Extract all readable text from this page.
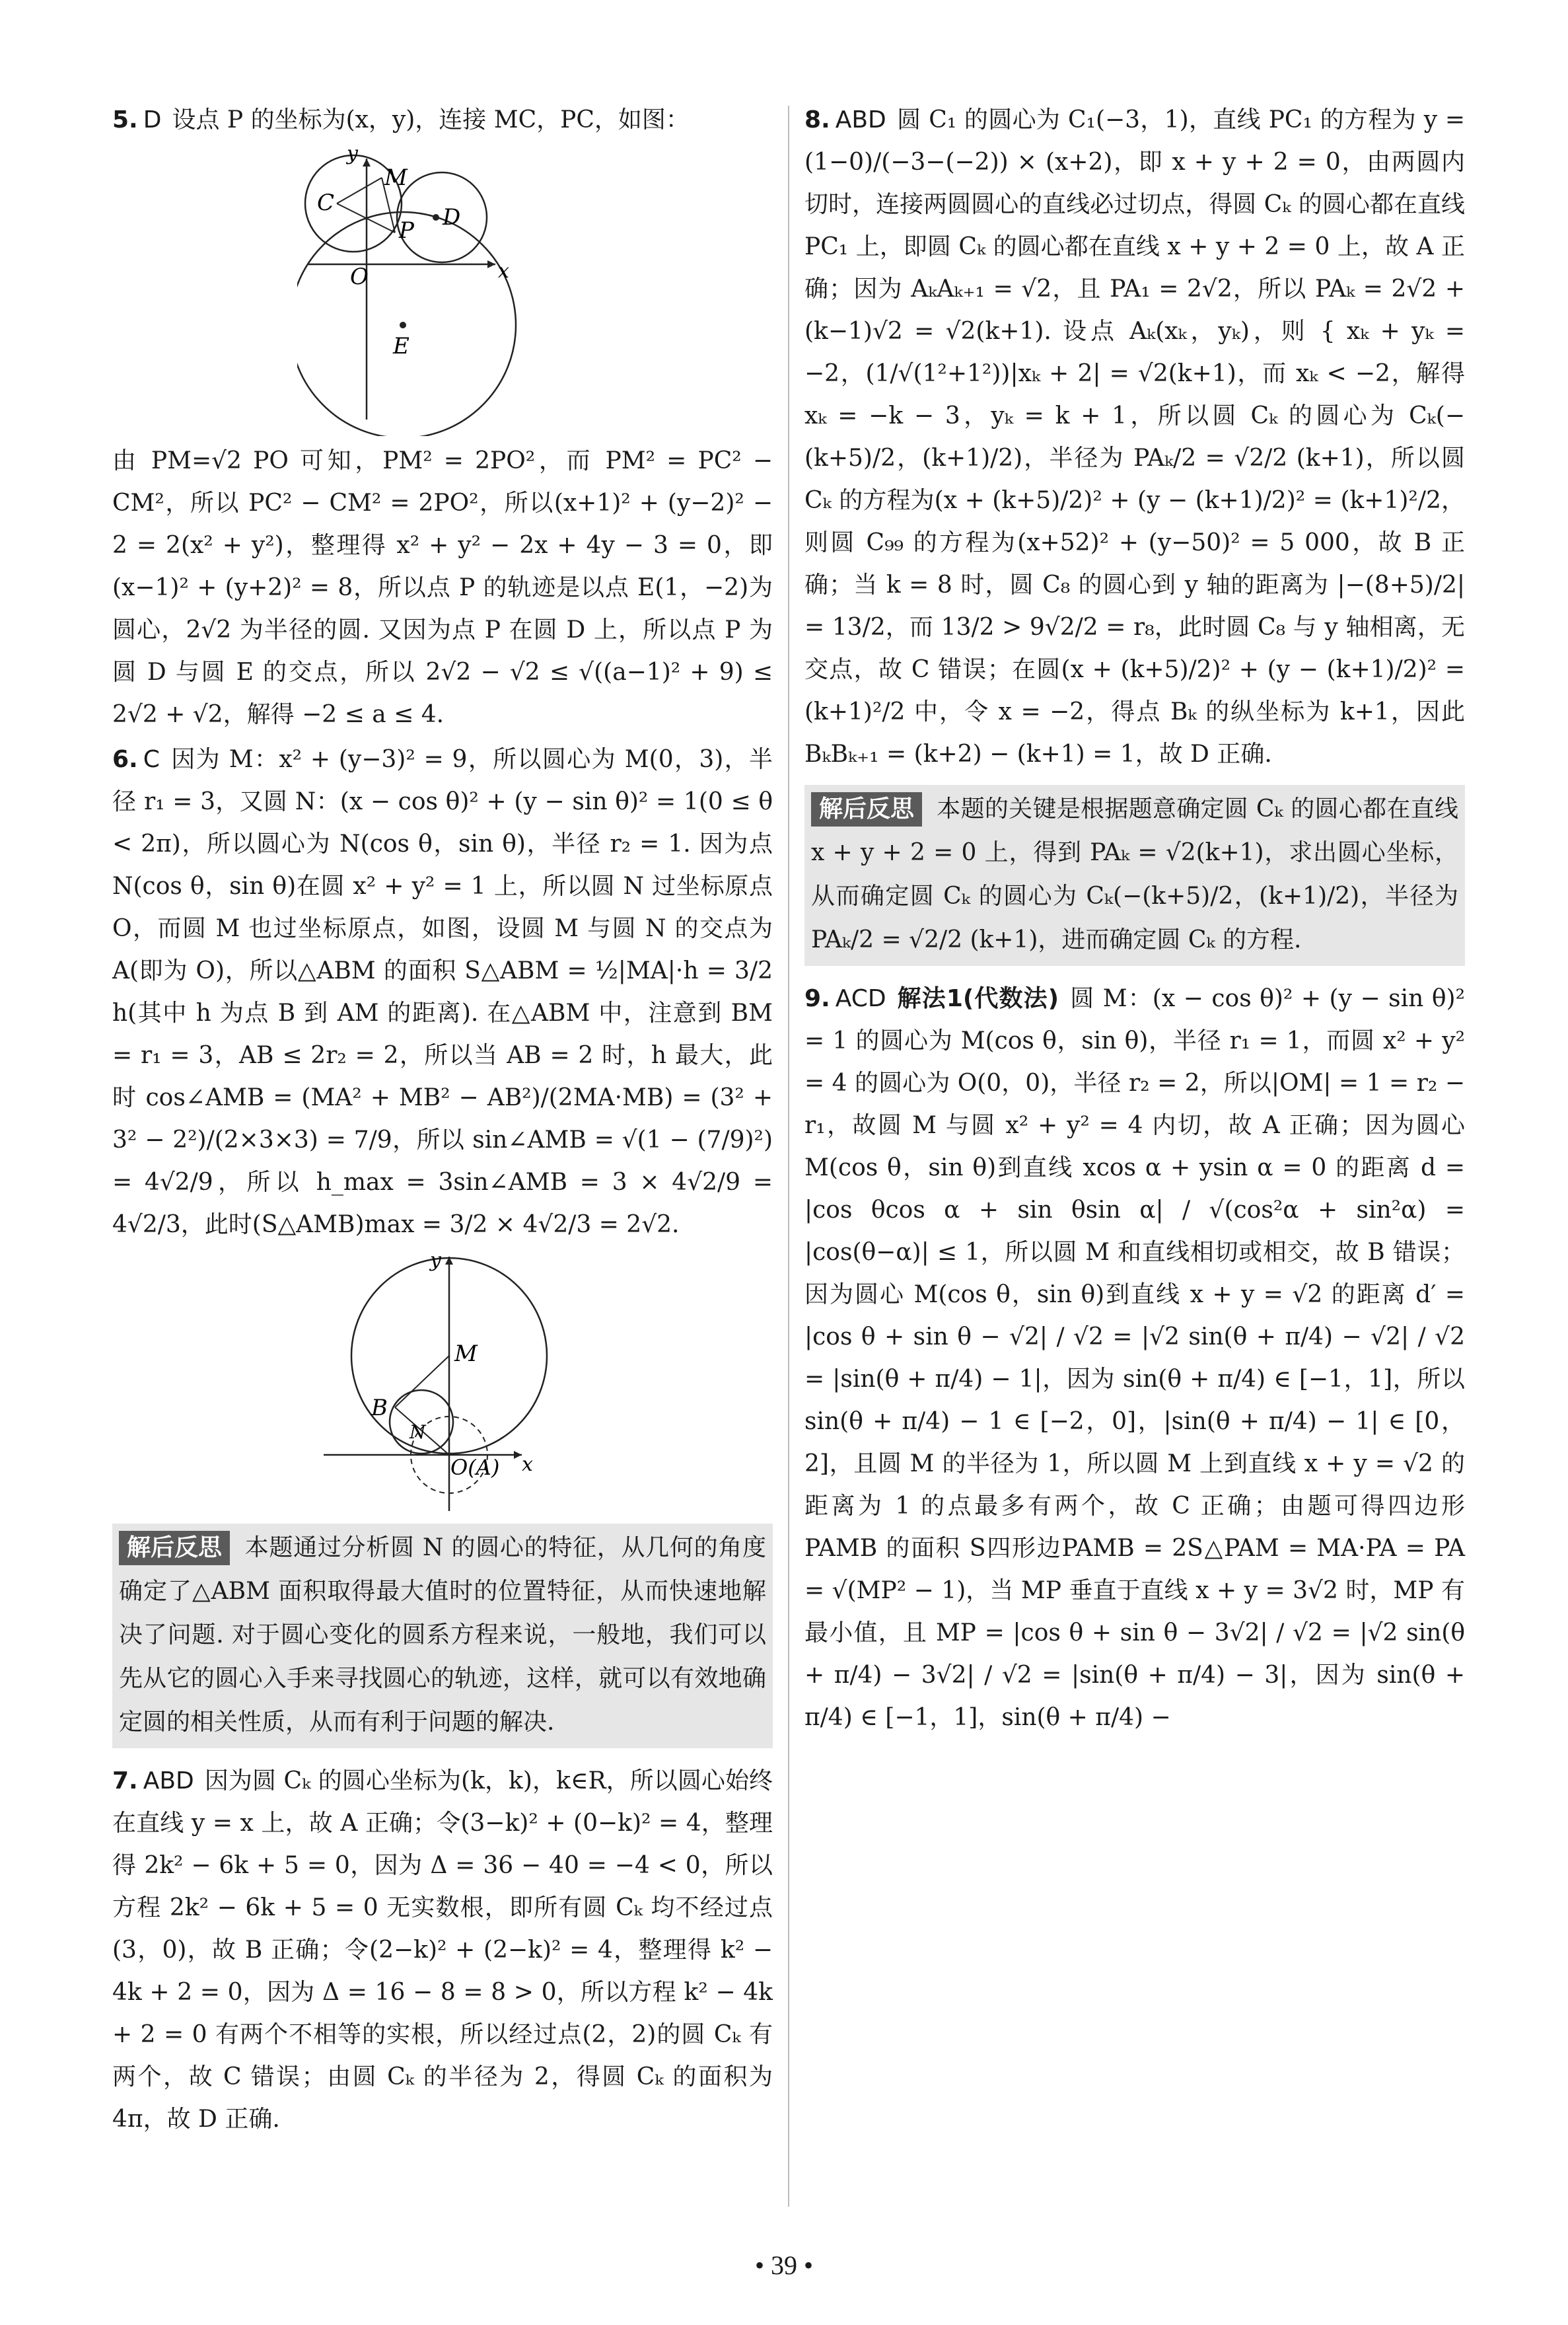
5. D 设点 P 的坐标为(x，y)，连接 MC，PC，如图：
y
x
C
M
P D
O
E
由 PM=√2 PO 可知，PM² = 2PO²，而 PM² = PC² − CM²，所以 PC² − CM² = 2PO²，所以(x+1)² + (y−2)² − 2 = 2(x² + y²)，整理得 x² + y² − 2x + 4y − 3 = 0，即(x−1)² + (y+2)² = 8，所以点 P 的轨迹是以点 E(1，−2)为圆心，2√2 为半径的圆. 又因为点 P 在圆 D 上，所以点 P 为圆 D 与圆 E 的交点，所以 2√2 − √2 ≤ √((a−1)² + 9) ≤ 2√2 + √2，解得 −2 ≤ a ≤ 4.
6. C 因为 M：x² + (y−3)² = 9，所以圆心为 M(0，3)，半径 r₁ = 3，又圆 N：(x − cos θ)² + (y − sin θ)² = 1(0 ≤ θ < 2π)，所以圆心为 N(cos θ，sin θ)，半径 r₂ = 1. 因为点 N(cos θ，sin θ)在圆 x² + y² = 1 上，所以圆 N 过坐标原点 O，而圆 M 也过坐标原点，如图，设圆 M 与圆 N 的交点为 A(即为 O)，所以△ABM 的面积 S△ABM = ½|MA|·h = 3/2 h(其中 h 为点 B 到 AM 的距离). 在△ABM 中，注意到 BM = r₁ = 3，AB ≤ 2r₂ = 2，所以当 AB = 2 时，h 最大，此时 cos∠AMB = (MA² + MB² − AB²)/(2MA·MB) = (3² + 3² − 2²)/(2×3×3) = 7/9，所以 sin∠AMB = √(1 − (7/9)²) = 4√2/9，所以 h_max = 3sin∠AMB = 3 × 4√2/9 = 4√2/3，此时(S△AMB)max = 3/2 × 4√2/3 = 2√2.
y
x
M
B
N
O(A)
解后反思 本题通过分析圆 N 的圆心的特征，从几何的角度确定了△ABM 面积取得最大值时的位置特征，从而快速地解决了问题. 对于圆心变化的圆系方程来说，一般地，我们可以先从它的圆心入手来寻找圆心的轨迹，这样，就可以有效地确定圆的相关性质，从而有利于问题的解决.
7. ABD 因为圆 Cₖ 的圆心坐标为(k，k)，k∈R，所以圆心始终在直线 y = x 上，故 A 正确；令(3−k)² + (0−k)² = 4，整理得 2k² − 6k + 5 = 0，因为 Δ = 36 − 40 = −4 < 0，所以方程 2k² − 6k + 5 = 0 无实数根，即所有圆 Cₖ 均不经过点(3，0)，故 B 正确；令(2−k)² + (2−k)² = 4，整理得 k² − 4k + 2 = 0，因为 Δ = 16 − 8 = 8 > 0，所以方程 k² − 4k + 2 = 0 有两个不相等的实根，所以经过点(2，2)的圆 Cₖ 有两个，故 C 错误；由圆 Cₖ 的半径为 2，得圆 Cₖ 的面积为 4π，故 D 正确.
8. ABD 圆 C₁ 的圆心为 C₁(−3，1)，直线 PC₁ 的方程为 y = (1−0)/(−3−(−2)) × (x+2)，即 x + y + 2 = 0，由两圆内切时，连接两圆圆心的直线必过切点，得圆 Cₖ 的圆心都在直线 PC₁ 上，即圆 Cₖ 的圆心都在直线 x + y + 2 = 0 上，故 A 正确；因为 AₖAₖ₊₁ = √2，且 PA₁ = 2√2，所以 PAₖ = 2√2 + (k−1)√2 = √2(k+1). 设点 Aₖ(xₖ，yₖ)，则 { xₖ + yₖ = −2，(1/√(1²+1²))|xₖ + 2| = √2(k+1)，而 xₖ < −2，解得 xₖ = −k − 3，yₖ = k + 1，所以圆 Cₖ 的圆心为 Cₖ(−(k+5)/2，(k+1)/2)，半径为 PAₖ/2 = √2/2 (k+1)，所以圆 Cₖ 的方程为(x + (k+5)/2)² + (y − (k+1)/2)² = (k+1)²/2，则圆 C₉₉ 的方程为(x+52)² + (y−50)² = 5 000，故 B 正确；当 k = 8 时，圆 C₈ 的圆心到 y 轴的距离为 |−(8+5)/2| = 13/2，而 13/2 > 9√2/2 = r₈，此时圆 C₈ 与 y 轴相离，无交点，故 C 错误；在圆(x + (k+5)/2)² + (y − (k+1)/2)² = (k+1)²/2 中，令 x = −2，得点 Bₖ 的纵坐标为 k+1，因此 BₖBₖ₊₁ = (k+2) − (k+1) = 1，故 D 正确.
解后反思 本题的关键是根据题意确定圆 Cₖ 的圆心都在直线 x + y + 2 = 0 上，得到 PAₖ = √2(k+1)，求出圆心坐标，从而确定圆 Cₖ 的圆心为 Cₖ(−(k+5)/2，(k+1)/2)，半径为 PAₖ/2 = √2/2 (k+1)，进而确定圆 Cₖ 的方程.
9. ACD 解法1(代数法) 圆 M：(x − cos θ)² + (y − sin θ)² = 1 的圆心为 M(cos θ，sin θ)，半径 r₁ = 1，而圆 x² + y² = 4 的圆心为 O(0，0)，半径 r₂ = 2，所以|OM| = 1 = r₂ − r₁，故圆 M 与圆 x² + y² = 4 内切，故 A 正确；因为圆心 M(cos θ，sin θ)到直线 xcos α + ysin α = 0 的距离 d = |cos θcos α + sin θsin α| / √(cos²α + sin²α) = |cos(θ−α)| ≤ 1，所以圆 M 和直线相切或相交，故 B 错误；因为圆心 M(cos θ，sin θ)到直线 x + y = √2 的距离 d′ = |cos θ + sin θ − √2| / √2 = |√2 sin(θ + π/4) − √2| / √2 = |sin(θ + π/4) − 1|，因为 sin(θ + π/4) ∈ [−1，1]，所以 sin(θ + π/4) − 1 ∈ [−2，0]，|sin(θ + π/4) − 1| ∈ [0，2]，且圆 M 的半径为 1，所以圆 M 上到直线 x + y = √2 的距离为 1 的点最多有两个，故 C 正确；由题可得四边形 PAMB 的面积 S四形边PAMB = 2S△PAM = MA·PA = PA = √(MP² − 1)，当 MP 垂直于直线 x + y = 3√2 时，MP 有最小值，且 MP = |cos θ + sin θ − 3√2| / √2 = |√2 sin(θ + π/4) − 3√2| / √2 = |sin(θ + π/4) − 3|，因为 sin(θ + π/4) ∈ [−1，1]，sin(θ + π/4) −
• 39 •
